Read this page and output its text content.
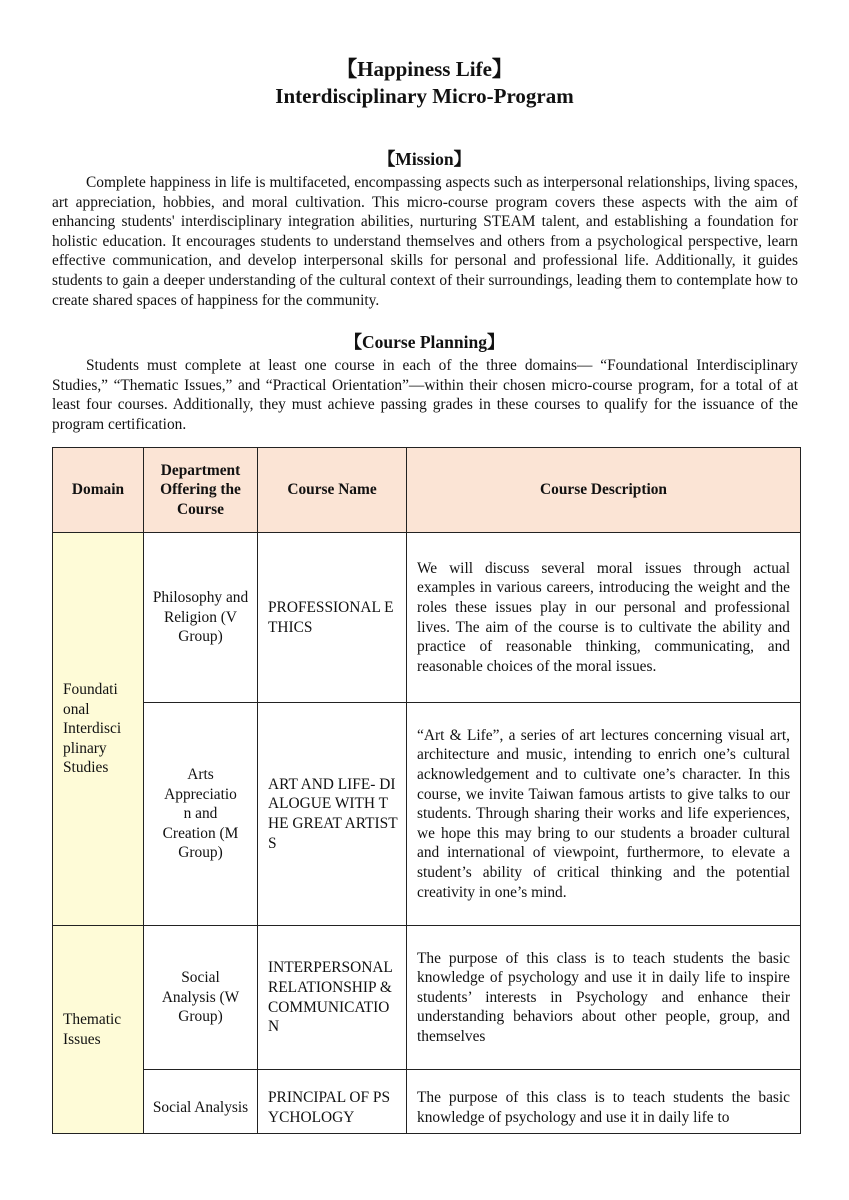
【Happiness Life】
Interdisciplinary Micro-Program
【Mission】

Complete happiness in life is multifaceted, encompassing aspects such as interpersonal relationships, living spaces, art appreciation, hobbies, and moral cultivation. This micro-course program covers these aspects with the aim of enhancing students' interdisciplinary integration abilities, nurturing STEAM talent, and establishing a foundation for holistic education. It encourages students to understand themselves and others from a psychological perspective, learn effective communication, and develop interpersonal skills for personal and professional life. Additionally, it guides students to gain a deeper understanding of the cultural context of their surroundings, leading them to contemplate how to create shared spaces of happiness for the community.

【Course Planning】

Students must complete at least one course in each of the three domains— “Foundational Interdisciplinary Studies,” “Thematic Issues,” and “Practical Orientation”—within their chosen micro-course program, for a total of at least four courses. Additionally, they must achieve passing grades in these courses to qualify for the issuance of the program certification.

Domain	Department Offering the Course	Course Name	Course Description

Foundati onal Interdisci plinary Studies	Philosophy and Religion (V Group)	PROFESSIONAL ETHICS	We will discuss several moral issues through actual examples in various careers, introducing the weight and the roles these issues play in our personal and professional lives. The aim of the course is to cultivate the ability and practice of reasonable thinking, communicating, and reasonable choices of the moral issues.

	Arts Appreciatio n and Creation (M Group)	ART AND LIFE- DIALOGUE WITH THE GREAT ARTISTS	“Art & Life”, a series of art lectures concerning visual art, architecture and music, intending to enrich one’s cultural acknowledgement and to cultivate one’s character. In this course, we invite Taiwan famous artists to give talks to our students. Through sharing their works and life experiences, we hope this may bring to our students a broader cultural and international of viewpoint, furthermore, to elevate a student’s ability of critical thinking and the potential creativity in one’s mind.

Thematic Issues	Social Analysis (W Group)	INTERPERSONAL RELATIONSHIP & COMMUNICATION	The purpose of this class is to teach students the basic knowledge of psychology and use it in daily life to inspire students’ interests in Psychology and enhance their understanding behaviors about other people, group, and themselves
	Social Analysis	PRINCIPAL OF PSYCHOLOGY	The purpose of this class is to teach students the basic knowledge of psychology and use it in daily life to
